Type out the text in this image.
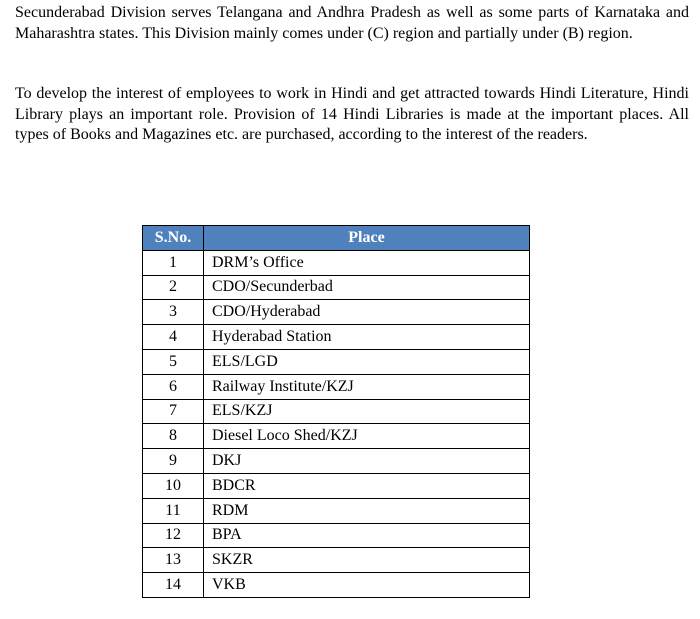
Secunderabad Division serves Telangana and Andhra Pradesh as well as some parts of Karnataka and Maharashtra states. This Division mainly comes under (C) region and partially under (B) region.

To develop the interest of employees to work in Hindi and get attracted towards Hindi Literature, Hindi Library plays an important role. Provision of 14 Hindi Libraries is made at the important places. All types of Books and Magazines etc. are purchased, according to the interest of the readers.

S.No.	Place
1	DRM’s Office
2	CDO/Secunderbad
3	CDO/Hyderabad
4	Hyderabad Station
5	ELS/LGD
6	Railway Institute/KZJ
7	ELS/KZJ
8	Diesel Loco Shed/KZJ
9	DKJ
10	BDCR
11	RDM
12	BPA
13	SKZR
14	VKB
